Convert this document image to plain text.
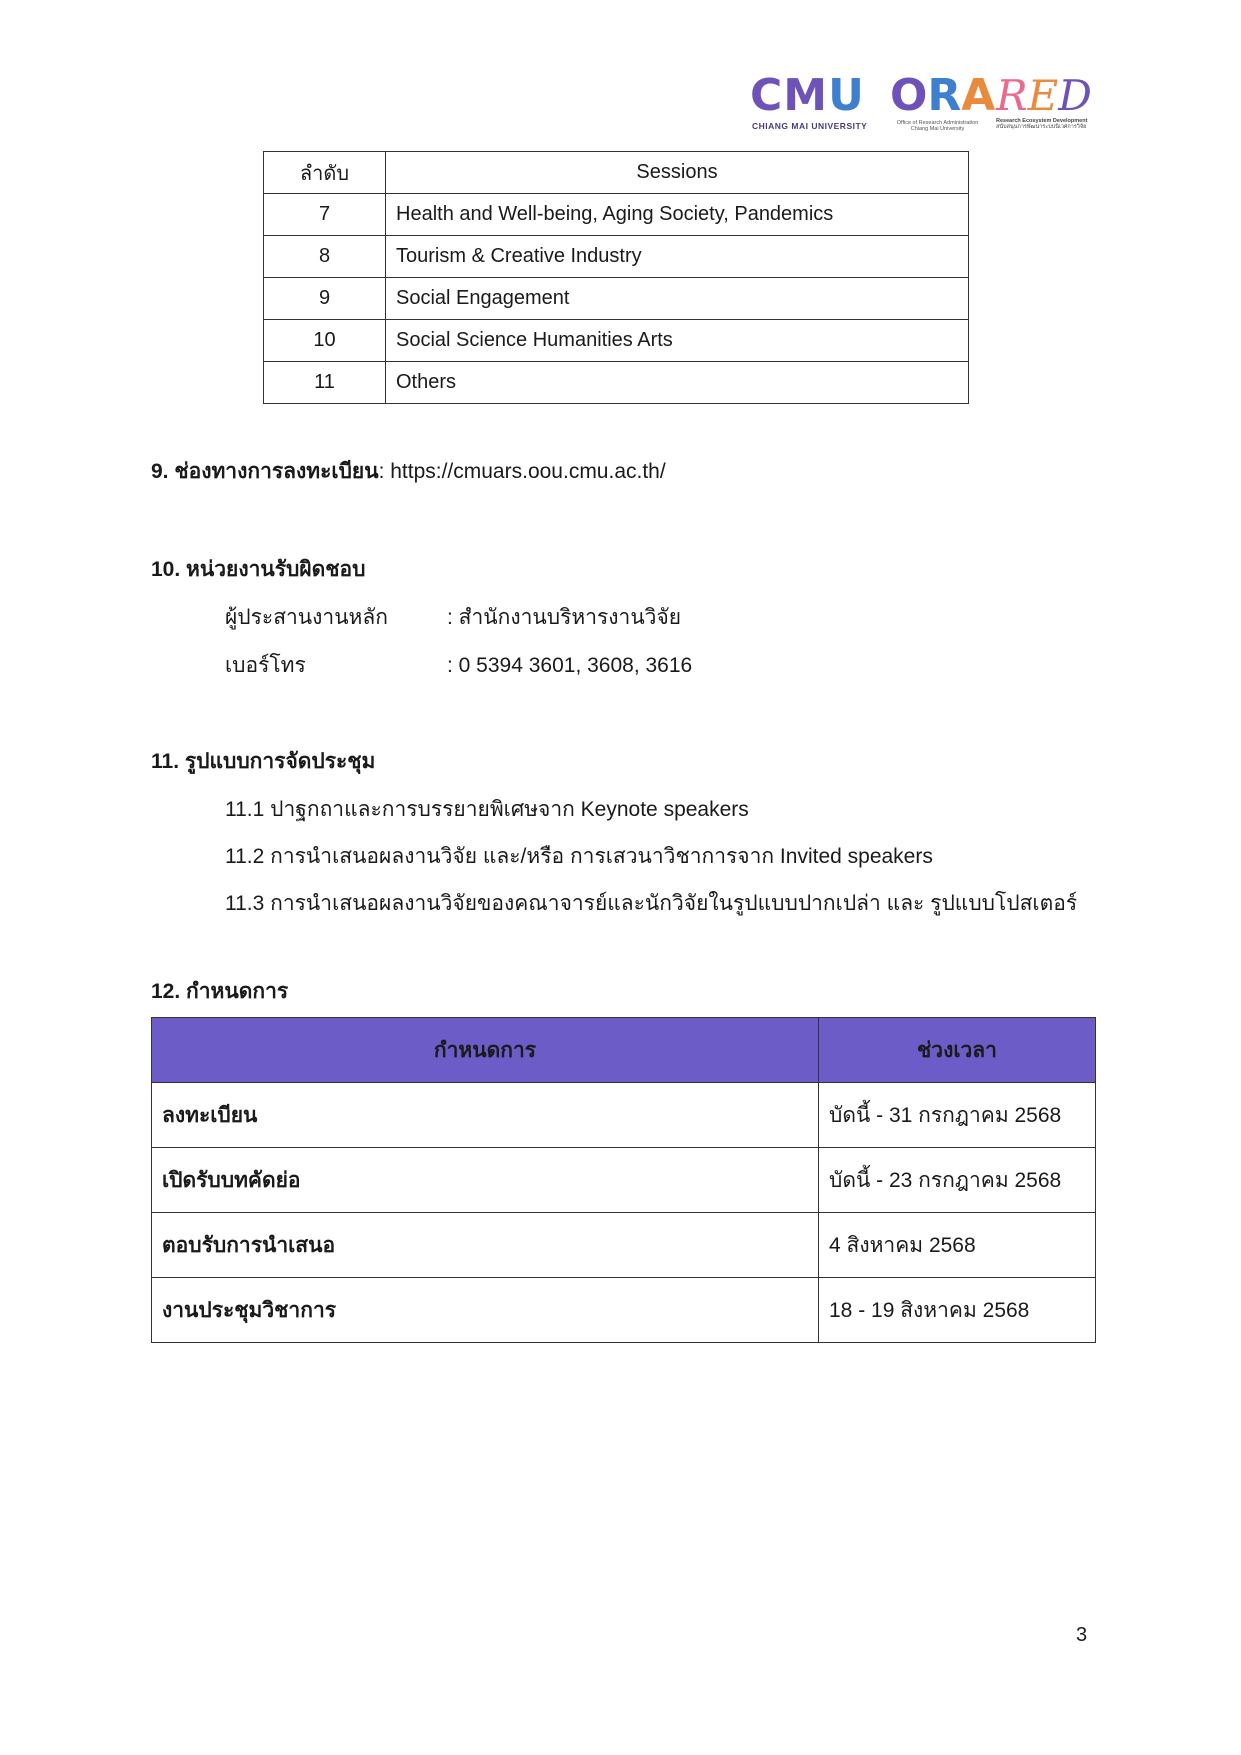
CMU
CHIANG MAI UNIVERSITY
ORA
Office of Research Administration
Chiang Mai University
RED
Research Ecosystem Development
สนับสนุนการพัฒนาระบบนิเวศการวิจัย
ลำดับ	Sessions
7	Health and Well-being, Aging Society, Pandemics
8	Tourism & Creative Industry
9	Social Engagement
10	Social Science Humanities Arts
11	Others
9. ช่องทางการลงทะเบียน: https://cmuars.oou.cmu.ac.th/
10. หน่วยงานรับผิดชอบ
ผู้ประสานงานหลัก	: สำนักงานบริหารงานวิจัย
เบอร์โทร	: 0 5394 3601, 3608, 3616
11. รูปแบบการจัดประชุม
11.1 ปาฐกถาและการบรรยายพิเศษจาก Keynote speakers
11.2 การนำเสนอผลงานวิจัย และ/หรือ การเสวนาวิชาการจาก Invited speakers
11.3 การนำเสนอผลงานวิจัยของคณาจารย์และนักวิจัยในรูปแบบปากเปล่า และ รูปแบบโปสเตอร์
12. กำหนดการ
กำหนดการ	ช่วงเวลา
ลงทะเบียน	บัดนี้ - 31 กรกฎาคม 2568
เปิดรับบทคัดย่อ	บัดนี้ - 23 กรกฎาคม 2568
ตอบรับการนำเสนอ	4 สิงหาคม 2568
งานประชุมวิชาการ	18 - 19 สิงหาคม 2568
3
